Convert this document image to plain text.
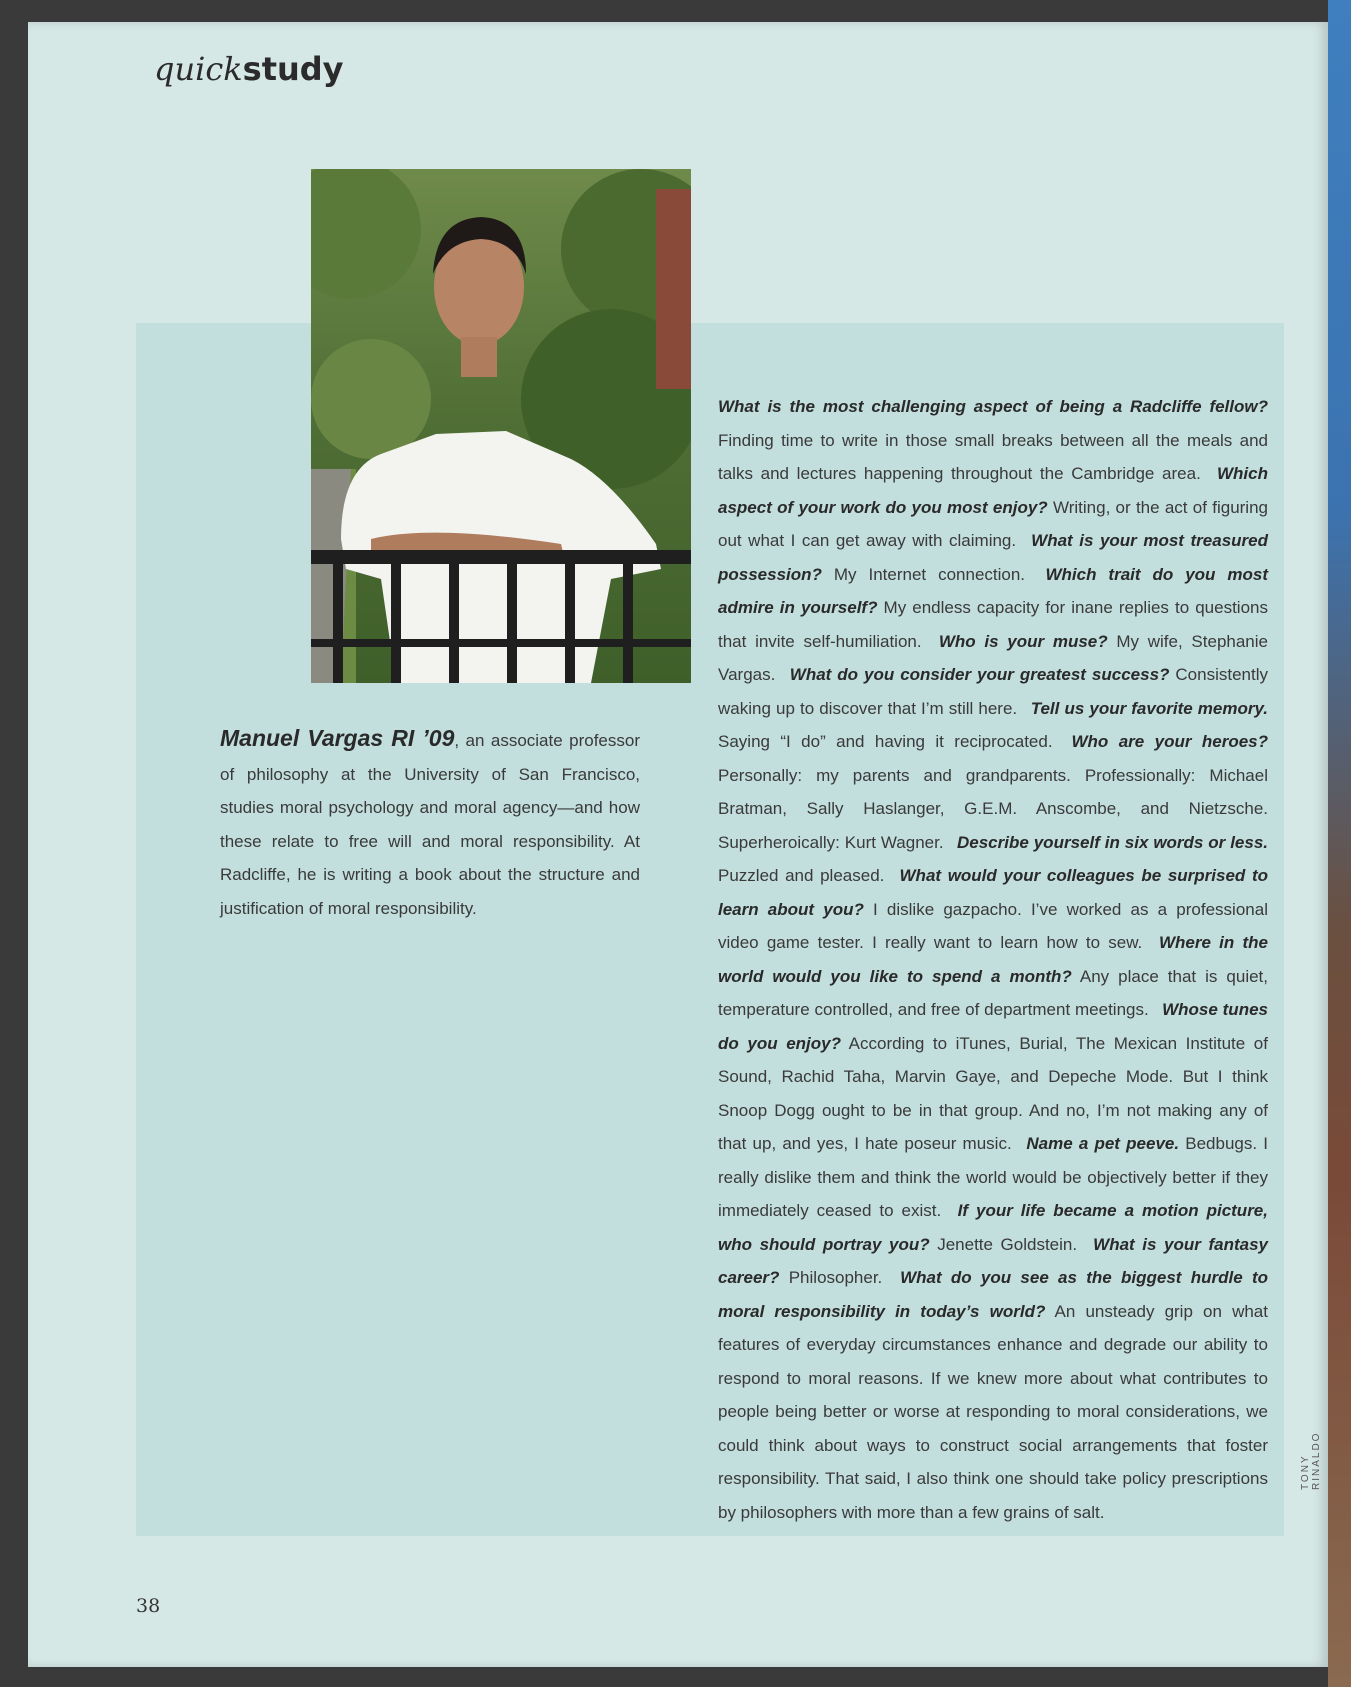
quickstudy
Manuel Vargas RI ’09, an associate professor of philosophy at the University of San Francisco, studies moral psychology and moral agency—and how these relate to free will and moral responsibility. At Radcliffe, he is writing a book about the structure and justification of moral responsibility.
What is the most challenging aspect of being a Radcliffe fellow? Finding time to write in those small breaks between all the meals and talks and lectures happening throughout the Cambridge area.  Which aspect of your work do you most enjoy? Writing, or the act of figuring out what I can get away with claiming.  What is your most treasured possession? My Internet connection.  Which trait do you most admire in yourself? My endless capacity for inane replies to questions that invite self-humiliation.  Who is your muse? My wife, Stephanie Vargas.  What do you consider your greatest success? Consistently waking up to discover that I’m still here.  Tell us your favorite memory. Saying “I do” and having it reciprocated.  Who are your heroes? Personally: my parents and grandparents. Professionally: Michael Bratman, Sally Haslanger, G.E.M. Anscombe, and Nietzsche. Superheroically: Kurt Wagner.  Describe yourself in six words or less. Puzzled and pleased.  What would your colleagues be surprised to learn about you? I dislike gazpacho. I’ve worked as a professional video game tester. I really want to learn how to sew.  Where in the world would you like to spend a month? Any place that is quiet, temperature controlled, and free of department meetings.  Whose tunes do you enjoy? According to iTunes, Burial, The Mexican Institute of Sound, Rachid Taha, Marvin Gaye, and Depeche Mode. But I think Snoop Dogg ought to be in that group. And no, I’m not making any of that up, and yes, I hate poseur music.  Name a pet peeve. Bedbugs. I really dislike them and think the world would be objectively better if they immediately ceased to exist.  If your life became a motion picture, who should portray you? Jenette Goldstein.  What is your fantasy career? Philosopher.  What do you see as the biggest hurdle to moral responsibility in today’s world? An unsteady grip on what features of everyday circumstances enhance and degrade our ability to respond to moral reasons. If we knew more about what contributes to people being better or worse at responding to moral considerations, we could think about ways to construct social arrangements that foster responsibility. That said, I also think one should take policy prescriptions by philosophers with more than a few grains of salt.
TONY RINALDO
38
